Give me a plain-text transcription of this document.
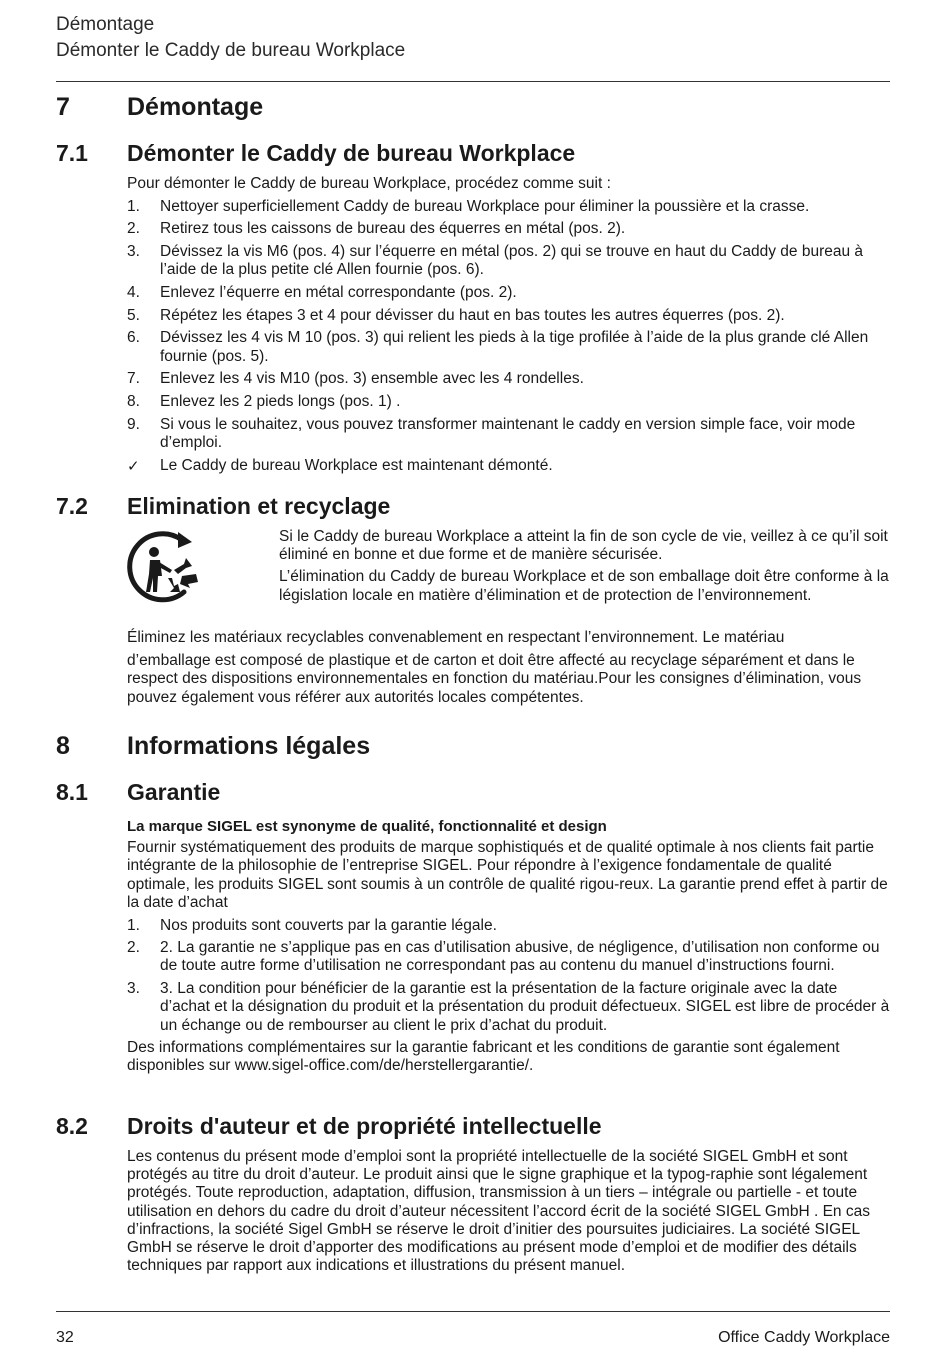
Démontage
Démonter le Caddy de bureau Workplace
7 Démontage
7.1 Démonter le Caddy de bureau Workplace

Pour démonter le Caddy de bureau Workplace, procédez comme suit :

1. Nettoyer superficiellement Caddy de bureau Workplace pour éliminer la poussière et la crasse.
2. Retirez tous les caissons de bureau des équerres en métal (pos. 2).
3. Dévissez la vis M6 (pos. 4) sur l’équerre en métal (pos. 2) qui se trouve en haut du Caddy de bureau à l’aide de la plus petite clé Allen fournie (pos. 6).
4. Enlevez l’équerre en métal correspondante (pos. 2).
5. Répétez les étapes 3 et 4 pour dévisser du haut en bas toutes les autres équerres (pos. 2).
6. Dévissez les 4 vis M 10 (pos. 3) qui relient les pieds à la tige profilée à l’aide de la plus grande clé Allen fournie (pos. 5).
7. Enlevez les 4 vis M10 (pos. 3) ensemble avec les 4 rondelles.
8. Enlevez les 2 pieds longs (pos. 1) .
9. Si vous le souhaitez, vous pouvez transformer maintenant le caddy en version simple face, voir mode d’emploi.
✓ Le Caddy de bureau Workplace est maintenant démonté.
7.2 Elimination et recyclage

Si le Caddy de bureau Workplace a atteint la fin de son cycle de vie, veillez à ce qu’il soit éliminé en bonne et due forme et de manière sécurisée.

L’élimination du Caddy de bureau Workplace et de son emballage doit être conforme à la législation locale en matière d’élimination et de protection de l’environnement.

Éliminez les matériaux recyclables convenablement en respectant l’environnement. Le matériau

d’emballage est composé de plastique et de carton et doit être affecté au recyclage séparément et dans le respect des dispositions environnementales en fonction du matériau.Pour les consignes d’élimination, vous pouvez également vous référer aux autorités locales compétentes.

8 Informations légales
8.1 Garantie

La marque SIGEL est synonyme de qualité, fonctionnalité et design

Fournir systématiquement des produits de marque sophistiqués et de qualité optimale à nos clients fait partie intégrante de la philosophie de l’entreprise SIGEL. Pour répondre à l’exigence fondamentale de qualité optimale, les produits SIGEL sont soumis à un contrôle de qualité rigou-reux. La garantie prend effet à partir de la date d’achat

1. Nos produits sont couverts par la garantie légale.
2. 2. La garantie ne s’applique pas en cas d’utilisation abusive, de négligence, d’utilisation non conforme ou de toute autre forme d’utilisation ne correspondant pas au contenu du manuel d’instructions fourni.
3. 3. La condition pour bénéficier de la garantie est la présentation de la facture originale avec la date d’achat et la désignation du produit et la présentation du produit défectueux. SIGEL est libre de procéder à un échange ou de rembourser au client le prix d’achat du produit.

Des informations complémentaires sur la garantie fabricant et les conditions de garantie sont également disponibles sur www.sigel-office.com/de/herstellergarantie/.

8.2 Droits d'auteur et de propriété intellectuelle

Les contenus du présent mode d’emploi sont la propriété intellectuelle de la société SIGEL GmbH et sont protégés au titre du droit d’auteur. Le produit ainsi que le signe graphique et la typog-raphie sont légalement protégés. Toute reproduction, adaptation, diffusion, transmission à un tiers – intégrale ou partielle - et toute utilisation en dehors du cadre du droit d’auteur nécessitent l’accord écrit de la société SIGEL GmbH . En cas d’infractions, la société Sigel GmbH se réserve le droit d’initier des poursuites judiciaires. La société SIGEL GmbH se réserve le droit d’apporter des modifications au présent mode d’emploi et de modifier des détails techniques par rapport aux indications et illustrations du présent manuel.

32	Office Caddy Workplace
